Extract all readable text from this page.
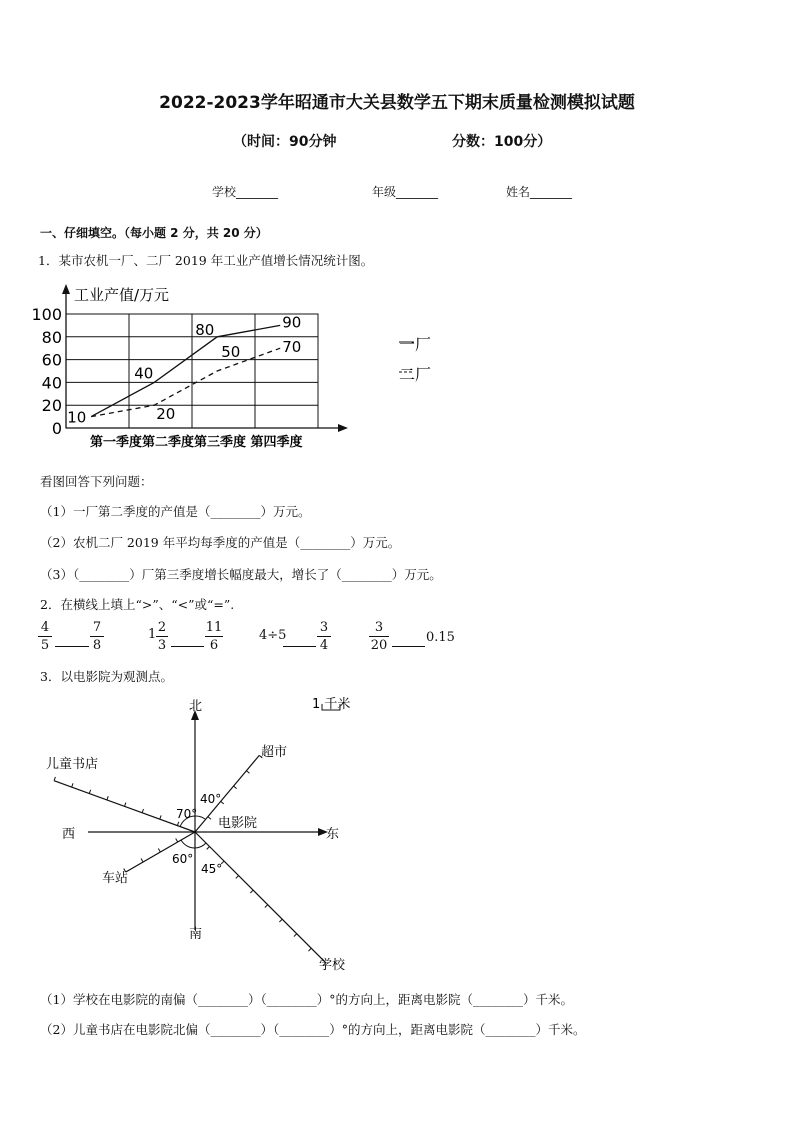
2022-2023学年昭通市大关县数学五下期末质量检测模拟试题
（时间：90分钟	分数：100分）
学校_______	年级_______	姓名_______
一、仔细填空。（每小题 2 分，共 20 分）
1．某市农机一厂、二厂 2019 年工业产值增长情况统计图。
0
20
40
60
80
100
工业产值/万元
第一季度第二季度第三季度 第四季度
10
40
80	90
20
50	70	一厂
二厂
看图回答下列问题：
（1）一厂第二季度的产值是（________）万元。
（2）农机二厂 2019 年平均每季度的产值是（________）万元。
（3）（________）厂第三季度增长幅度最大，增长了（________）万元。
2．在横线上填上“>”、“<”或“=”.
4
5
7
8
1 2
3
11
6
4÷5
3
4
3
20
0.15
3．以电影院为观测点。
1 千米
北
南
东
西
电影院
40°
70°
60°
45°
儿童书店
超市
车站
学校
（1）学校在电影院的南偏（________）（________）°的方向上，距离电影院（________）千米。
（2）儿童书店在电影院北偏（________）（________）°的方向上，距离电影院（________）千米。
